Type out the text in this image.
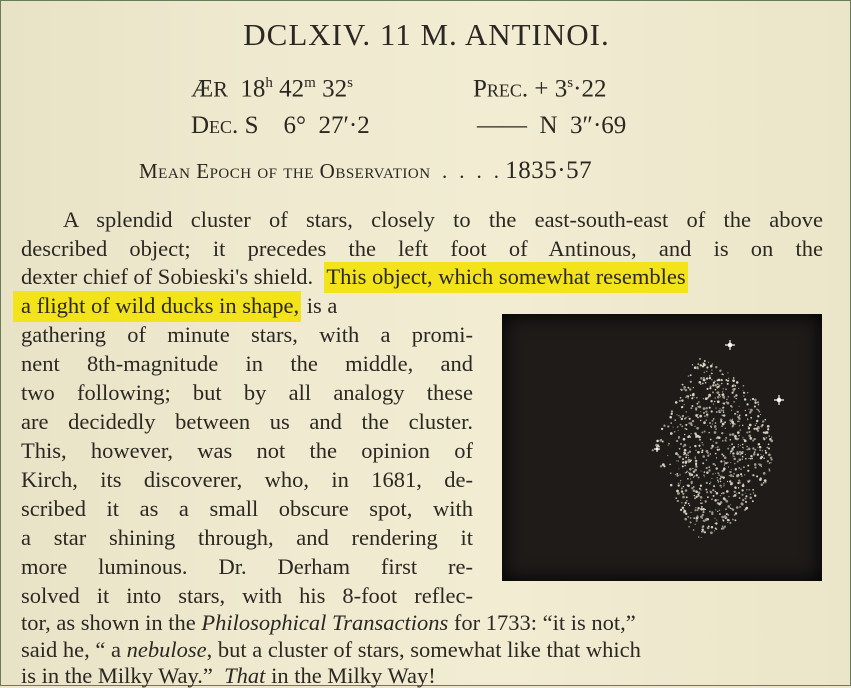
DCLXIV. 11 M. ANTINOI.
ÆR 18$^h$ 42$^m$ 32$^s$	Prec. + $3^s\cdot 22$
Dec. S    6°  27′·2	——  N  3″·69
Mean Epoch of the Observation  .  .  .  . 1835·57
A splendid cluster of stars, closely to the east-south-east of the above
described object; it precedes the left foot of Antinous, and is on the
dexter chief of Sobieski's shield.  This object, which somewhat resembles
a flight of wild ducks in shape, is a
gathering of minute stars, with a promi-
nent 8th-magnitude in the middle, and
two following; but by all analogy these
are decidedly between us and the cluster.
This, however, was not the opinion of
Kirch, its discoverer, who, in 1681, de-
scribed it as a small obscure spot, with
a star shining through, and rendering it
more luminous. Dr. Derham first re-
solved it into stars, with his 8-foot reflec-
tor, as shown in the Philosophical Transactions for 1733: “it is not,”
said he, “ a nebulose, but a cluster of stars, somewhat like that which
is in the Milky Way.”  That in the Milky Way!
